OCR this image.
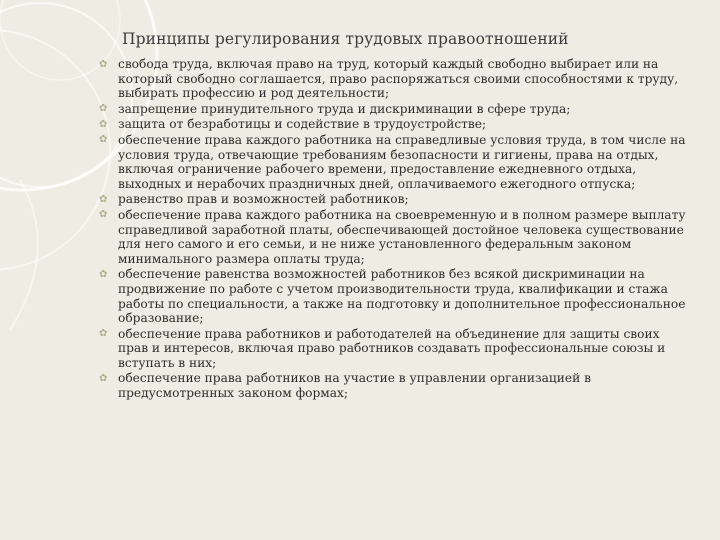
Принципы регулирования трудовых правоотношений
✿ свобода труда, включая право на труд, который каждый свободно выбирает или на который свободно соглашается, право распоряжаться своими способностями к труду, выбирать профессию и род деятельности;
✿ запрещение принудительного труда и дискриминации в сфере труда;
✿ защита от безработицы и содействие в трудоустройстве;
✿ обеспечение права каждого работника на справедливые условия труда, в том числе на условия труда, отвечающие требованиям безопасности и гигиены, права на отдых, включая ограничение рабочего времени, предоставление ежедневного отдыха, выходных и нерабочих праздничных дней, оплачиваемого ежегодного отпуска;
✿ равенство прав и возможностей работников;
✿ обеспечение права каждого работника на своевременную и в полном размере выплату справедливой заработной платы, обеспечивающей достойное человека существование для него самого и его семьи, и не ниже установленного федеральным законом минимального размера оплаты труда;
✿ обеспечение равенства возможностей работников без всякой дискриминации на продвижение по работе с учетом производительности труда, квалификации и стажа работы по специальности, а также на подготовку и дополнительное профессиональное образование;
✿ обеспечение права работников и работодателей на объединение для защиты своих прав и интересов, включая право работников создавать профессиональные союзы и вступать в них;
✿ обеспечение права работников на участие в управлении организацией в предусмотренных законом формах;
